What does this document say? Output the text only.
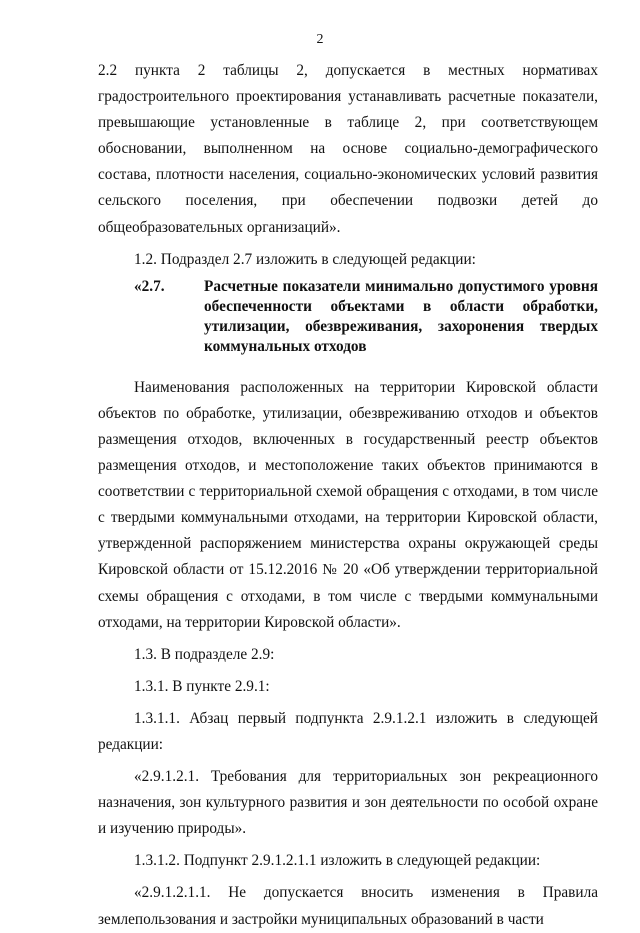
2

2.2 пункта 2 таблицы 2, допускается в местных нормативах градостроительного проектирования устанавливать расчетные показатели, превышающие установленные в таблице 2, при соответствующем обосновании, выполненном на основе социально-демографического состава, плотности населения, социально-экономических условий развития сельского поселения, при обеспечении подвозки детей до общеобразовательных организаций».

1.2. Подраздел 2.7 изложить в следующей редакции:

«2.7.	Расчетные показатели минимально допустимого уровня обеспеченности объектами в области обработки, утилизации, обезвреживания, захоронения твердых коммунальных отходов

Наименования расположенных на территории Кировской области объектов по обработке, утилизации, обезвреживанию отходов и объектов размещения отходов, включенных в государственный реестр объектов размещения отходов, и местоположение таких объектов принимаются в соответствии с территориальной схемой обращения с отходами, в том числе с твердыми коммунальными отходами, на территории Кировской области, утвержденной распоряжением министерства охраны окружающей среды Кировской области от 15.12.2016 № 20 «Об утверждении территориальной схемы обращения с отходами, в том числе с твердыми коммунальными отходами, на территории Кировской области».

1.3. В подразделе 2.9:

1.3.1. В пункте 2.9.1:

1.3.1.1. Абзац первый подпункта 2.9.1.2.1 изложить в следующей редакции:

«2.9.1.2.1. Требования для территориальных зон рекреационного назначения, зон культурного развития и зон деятельности по особой охране и изучению природы».

1.3.1.2. Подпункт 2.9.1.2.1.1 изложить в следующей редакции:

«2.9.1.2.1.1. Не допускается вносить изменения в Правила землепользования и застройки муниципальных образований в части
